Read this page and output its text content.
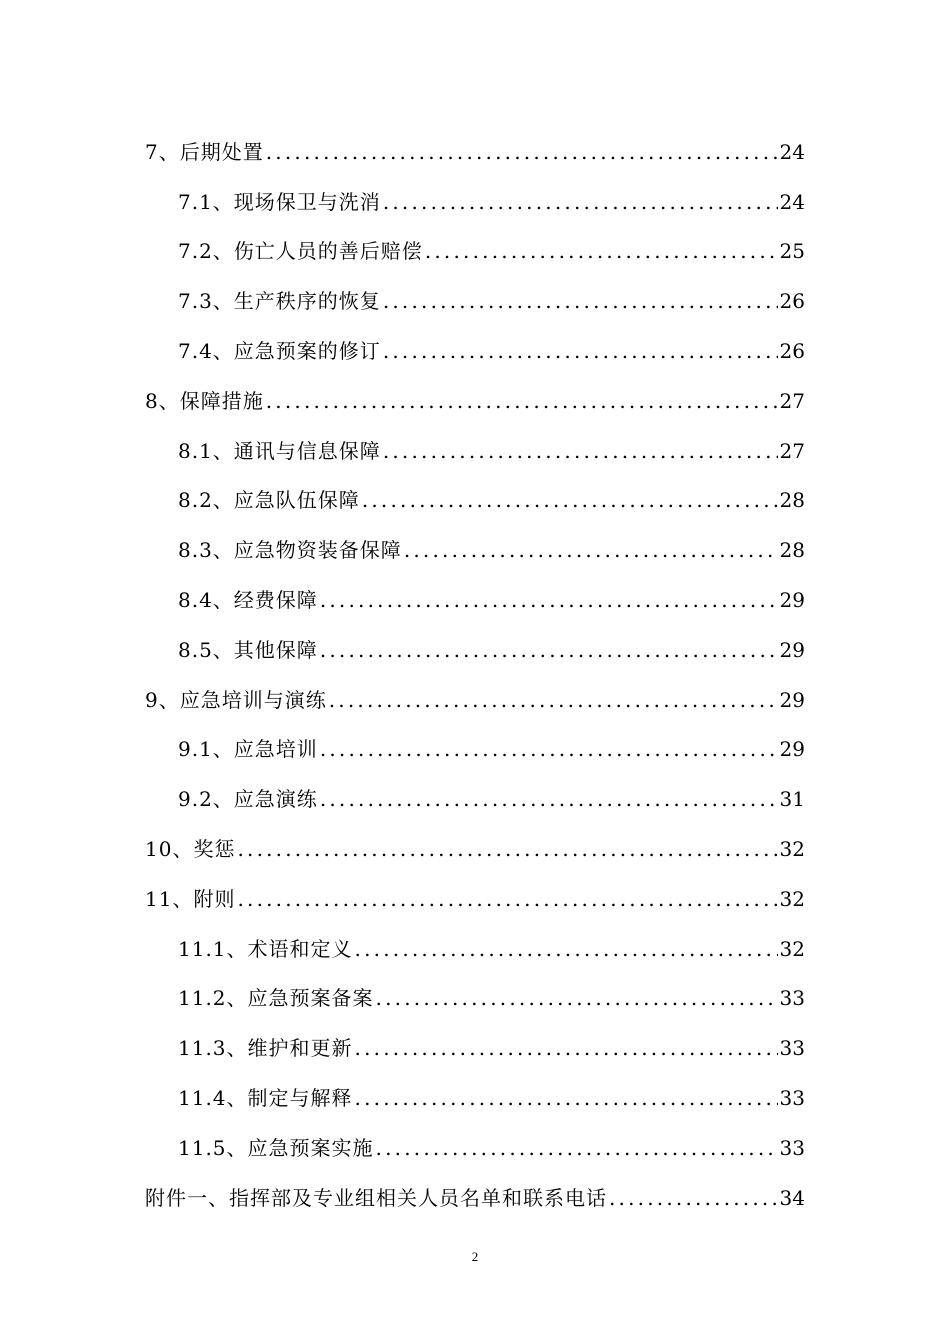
7、后期处置 .....	24
7.1、现场保卫与洗消 .....	24
7.2、伤亡人员的善后赔偿 .....	25
7.3、生产秩序的恢复 .....	26
7.4、应急预案的修订 .....	26
8、保障措施 .....	27
8.1、通讯与信息保障 .....	27
8.2、应急队伍保障 .....	28
8.3、应急物资装备保障 .....	28
8.4、经费保障 .....	29
8.5、其他保障 .....	29
9、应急培训与演练 .....	29
9.1、应急培训 .....	29
9.2、应急演练 .....	31
10、奖惩 .....	32
11、附则 .....	32
11.1、术语和定义 .....	32
11.2、应急预案备案 .....	33
11.3、维护和更新 .....	33
11.4、制定与解释 .....	33
11.5、应急预案实施 .....	33
附件一、指挥部及专业组相关人员名单和联系电话 .....	34
2
